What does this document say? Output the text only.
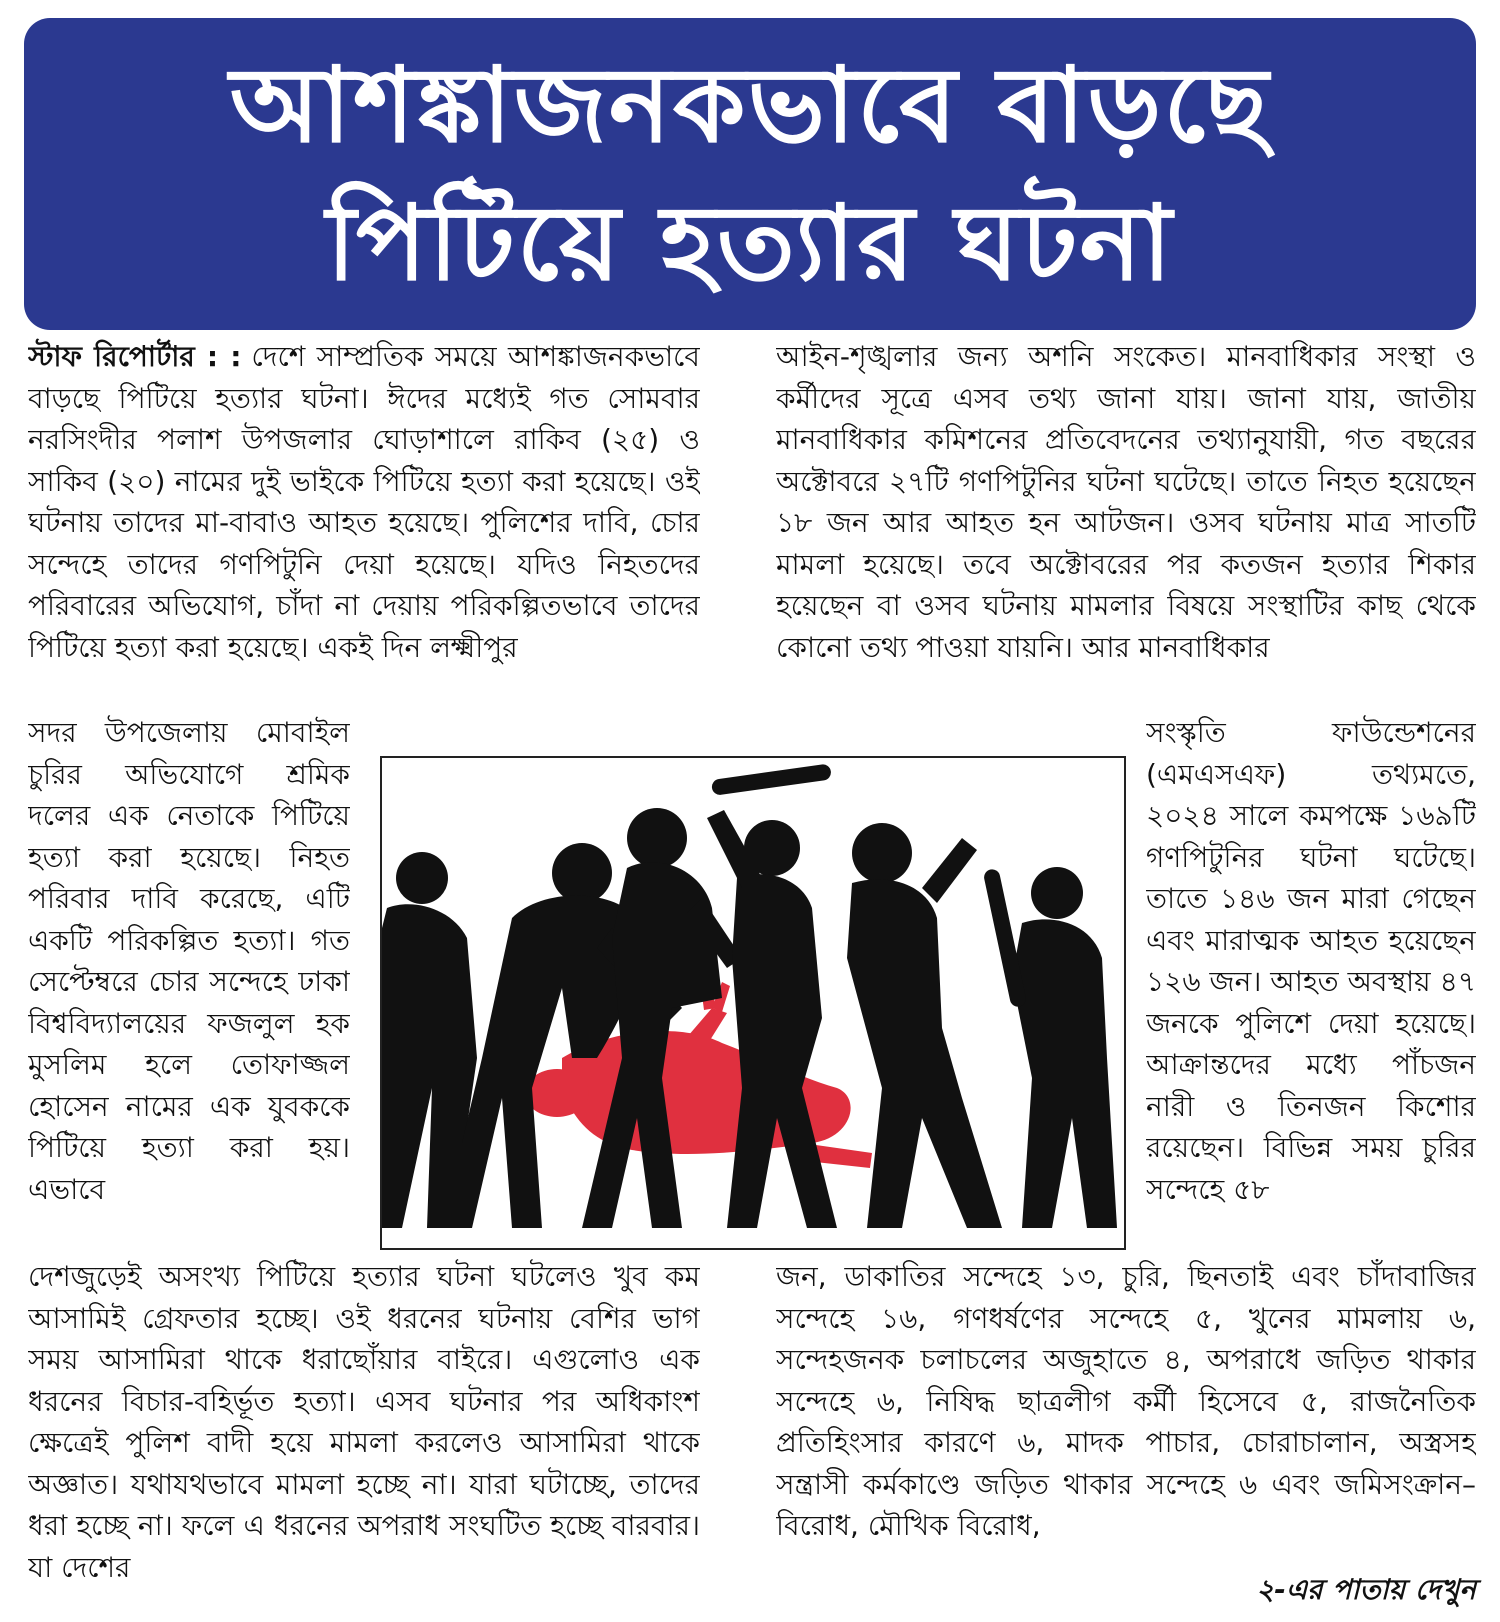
আশঙ্কাজনকভাবে বাড়ছে
পিটিয়ে হত্যার ঘটনা
স্টাফ রিপোর্টার : : দেশে সাম্প্রতিক সময়ে আশঙ্কাজনকভাবে বাড়ছে পিটিয়ে হত্যার ঘটনা। ঈদের মধ্যেই গত সোমবার নরসিংদীর পলাশ উপজলার ঘোড়াশালে রাকিব (২৫) ও সাকিব (২০) নামের দুই ভাইকে পিটিয়ে হত্যা করা হয়েছে। ওই ঘটনায় তাদের মা-বাবাও আহত হয়েছে। পুলিশের দাবি, চোর সন্দেহে তাদের গণপিটুনি দেয়া হয়েছে। যদিও নিহতদের পরিবারের অভিযোগ, চাঁদা না দেয়ায় পরিকল্পিতভাবে তাদের পিটিয়ে হত্যা করা হয়েছে। একই দিন লক্ষ্মীপুর
সদর উপজেলায় মোবাইল চুরির অভিযোগে শ্রমিক দলের এক নেতাকে পিটিয়ে হত্যা করা হয়েছে। নিহত পরিবার দাবি করেছে, এটি একটি পরিকল্পিত হত্যা। গত সেপ্টেম্বরে চোর সন্দেহে ঢাকা বিশ্ববিদ্যালয়ের ফজলুল হক মুসলিম হলে তোফাজ্জল হোসেন নামের এক যুবককে পিটিয়ে হত্যা করা হয়। এভাবে
দেশজুড়েই অসংখ্য পিটিয়ে হত্যার ঘটনা ঘটলেও খুব কম আসামিই গ্রেফতার হচ্ছে। ওই ধরনের ঘটনায় বেশির ভাগ সময় আসামিরা থাকে ধরাছোঁয়ার বাইরে। এগুলোও এক ধরনের বিচার-বহির্ভূত হত্যা। এসব ঘটনার পর অধিকাংশ ক্ষেত্রেই পুলিশ বাদী হয়ে মামলা করলেও আসামিরা থাকে অজ্ঞাত। যথাযথভাবে মামলা হচ্ছে না। যারা ঘটাচ্ছে, তাদের ধরা হচ্ছে না। ফলে এ ধরনের অপরাধ সংঘটিত হচ্ছে বারবার। যা দেশের
আইন-শৃঙ্খলার জন্য অশনি সংকেত। মানবাধিকার সংস্থা ও কর্মীদের সূত্রে এসব তথ্য জানা যায়। জানা যায়, জাতীয় মানবাধিকার কমিশনের প্রতিবেদনের তথ্যানুযায়ী, গত বছরের অক্টোবরে ২৭টি গণপিটুনির ঘটনা ঘটেছে। তাতে নিহত হয়েছেন ১৮ জন আর আহত হন আটজন। ওসব ঘটনায় মাত্র সাতটি মামলা হয়েছে। তবে অক্টোবরের পর কতজন হত্যার শিকার হয়েছেন বা ওসব ঘটনায় মামলার বিষয়ে সংস্থাটির কাছ থেকে কোনো তথ্য পাওয়া যায়নি। আর মানবাধিকার
সংস্কৃতি ফাউন্ডেশনের (এমএসএফ) তথ্যমতে, ২০২৪ সালে কমপক্ষে ১৬৯টি গণপিটুনির ঘটনা ঘটেছে। তাতে ১৪৬ জন মারা গেছেন এবং মারাত্মক আহত হয়েছেন ১২৬ জন। আহত অবস্থায় ৪৭ জনকে পুলিশে দেয়া হয়েছে। আক্রান্তদের মধ্যে পাঁচজন নারী ও তিনজন কিশোর রয়েছেন। বিভিন্ন সময় চুরির সন্দেহে ৫৮
জন, ডাকাতির সন্দেহে ১৩, চুরি, ছিনতাই এবং চাঁদাবাজির সন্দেহে ১৬, গণধর্ষণের সন্দেহে ৫, খুনের মামলায় ৬, সন্দেহজনক চলাচলের অজুহাতে ৪, অপরাধে জড়িত থাকার সন্দেহে ৬, নিষিদ্ধ ছাত্রলীগ কর্মী হিসেবে ৫, রাজনৈতিক প্রতিহিংসার কারণে ৬, মাদক পাচার, চোরাচালান, অস্ত্রসহ সন্ত্রাসী কর্মকাণ্ডে জড়িত থাকার সন্দেহে ৬ এবং জমিসংক্রান– বিরোধ, মৌখিক বিরোধ,
২-এর পাতায় দেখুন
